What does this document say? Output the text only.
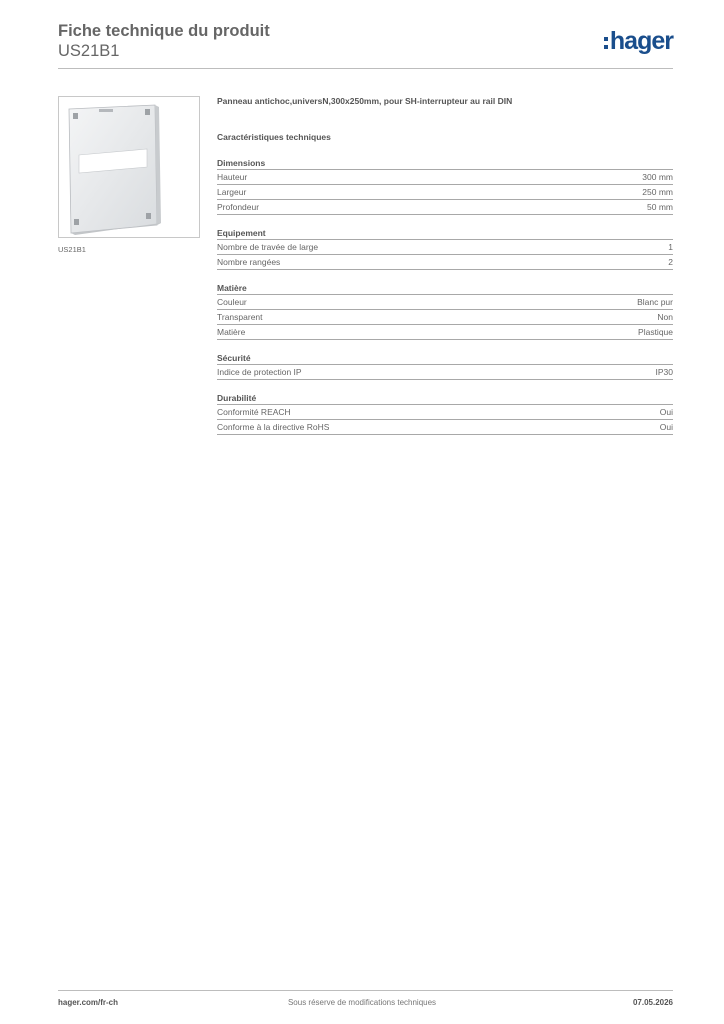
Fiche technique du produit
US21B1	hager
US21B1
Panneau antichoc,universN,300x250mm, pour SH-interrupteur au rail DIN
Caractéristiques techniques
Dimensions
Hauteur	300 mm
Largeur	250 mm
Profondeur	50 mm
Equipement
Nombre de travée de large	1
Nombre rangées	2
Matière
Couleur	Blanc pur
Transparent	Non
Matière	Plastique
Sécurité
Indice de protection IP	IP30
Durabilité
Conformité REACH	Oui
Conforme à la directive RoHS	Oui
hager.com/fr-ch	Sous réserve de modifications techniques	07.05.2026
